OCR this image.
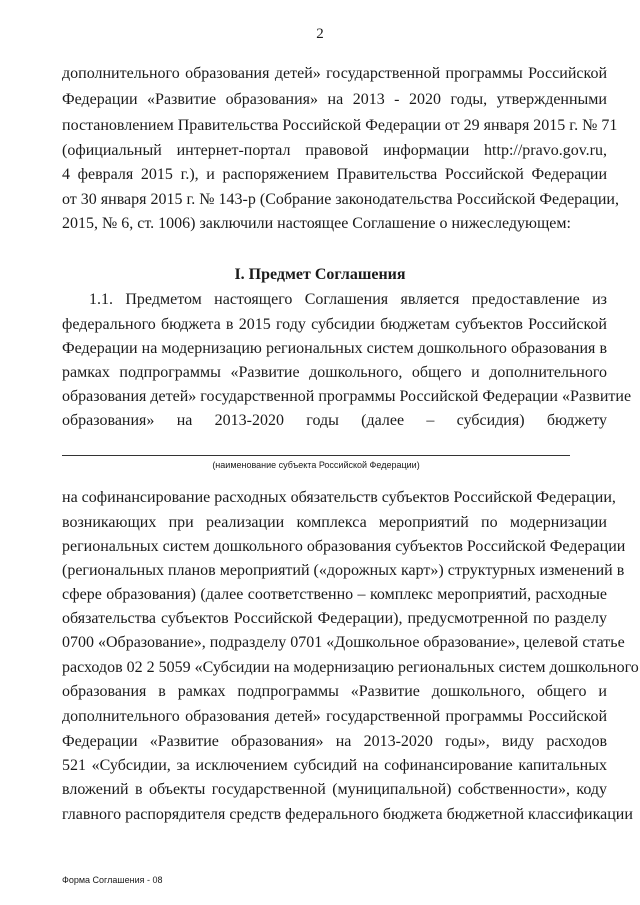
2
дополнительного образования детей» государственной программы Российской
Федерации «Развитие образования» на 2013 - 2020 годы, утвержденными
постановлением Правительства Российской Федерации от 29 января 2015 г. № 71
(официальный интернет-портал правовой информации http://pravo.gov.ru,
4 февраля 2015 г.), и распоряжением Правительства Российской Федерации
от 30 января 2015 г. № 143-р (Собрание законодательства Российской Федерации,
2015, № 6, ст. 1006) заключили настоящее Соглашение о нижеследующем:
I. Предмет Соглашения
1.1. Предметом настоящего Соглашения является предоставление из
федерального бюджета в 2015 году субсидии бюджетам субъектов Российской
Федерации на модернизацию региональных систем дошкольного образования в
рамках подпрограммы «Развитие дошкольного, общего и дополнительного
образования детей» государственной программы Российской Федерации «Развитие
образования» на 2013-2020 годы (далее – субсидия) бюджету
(наименование субъекта Российской Федерации)
на софинансирование расходных обязательств субъектов Российской Федерации,
возникающих при реализации комплекса мероприятий по модернизации
региональных систем дошкольного образования субъектов Российской Федерации
(региональных планов мероприятий («дорожных карт») структурных изменений в
сфере образования) (далее соответственно – комплекс мероприятий, расходные
обязательства субъектов Российской Федерации), предусмотренной по разделу
0700 «Образование», подразделу 0701 «Дошкольное образование», целевой статье
расходов 02 2 5059 «Субсидии на модернизацию региональных систем дошкольного
образования в рамках подпрограммы «Развитие дошкольного, общего и
дополнительного образования детей» государственной программы Российской
Федерации «Развитие образования» на 2013-2020 годы», виду расходов
521 «Субсидии, за исключением субсидий на софинансирование капитальных
вложений в объекты государственной (муниципальной) собственности», коду
главного распорядителя средств федерального бюджета бюджетной классификации
Форма Соглашения - 08
